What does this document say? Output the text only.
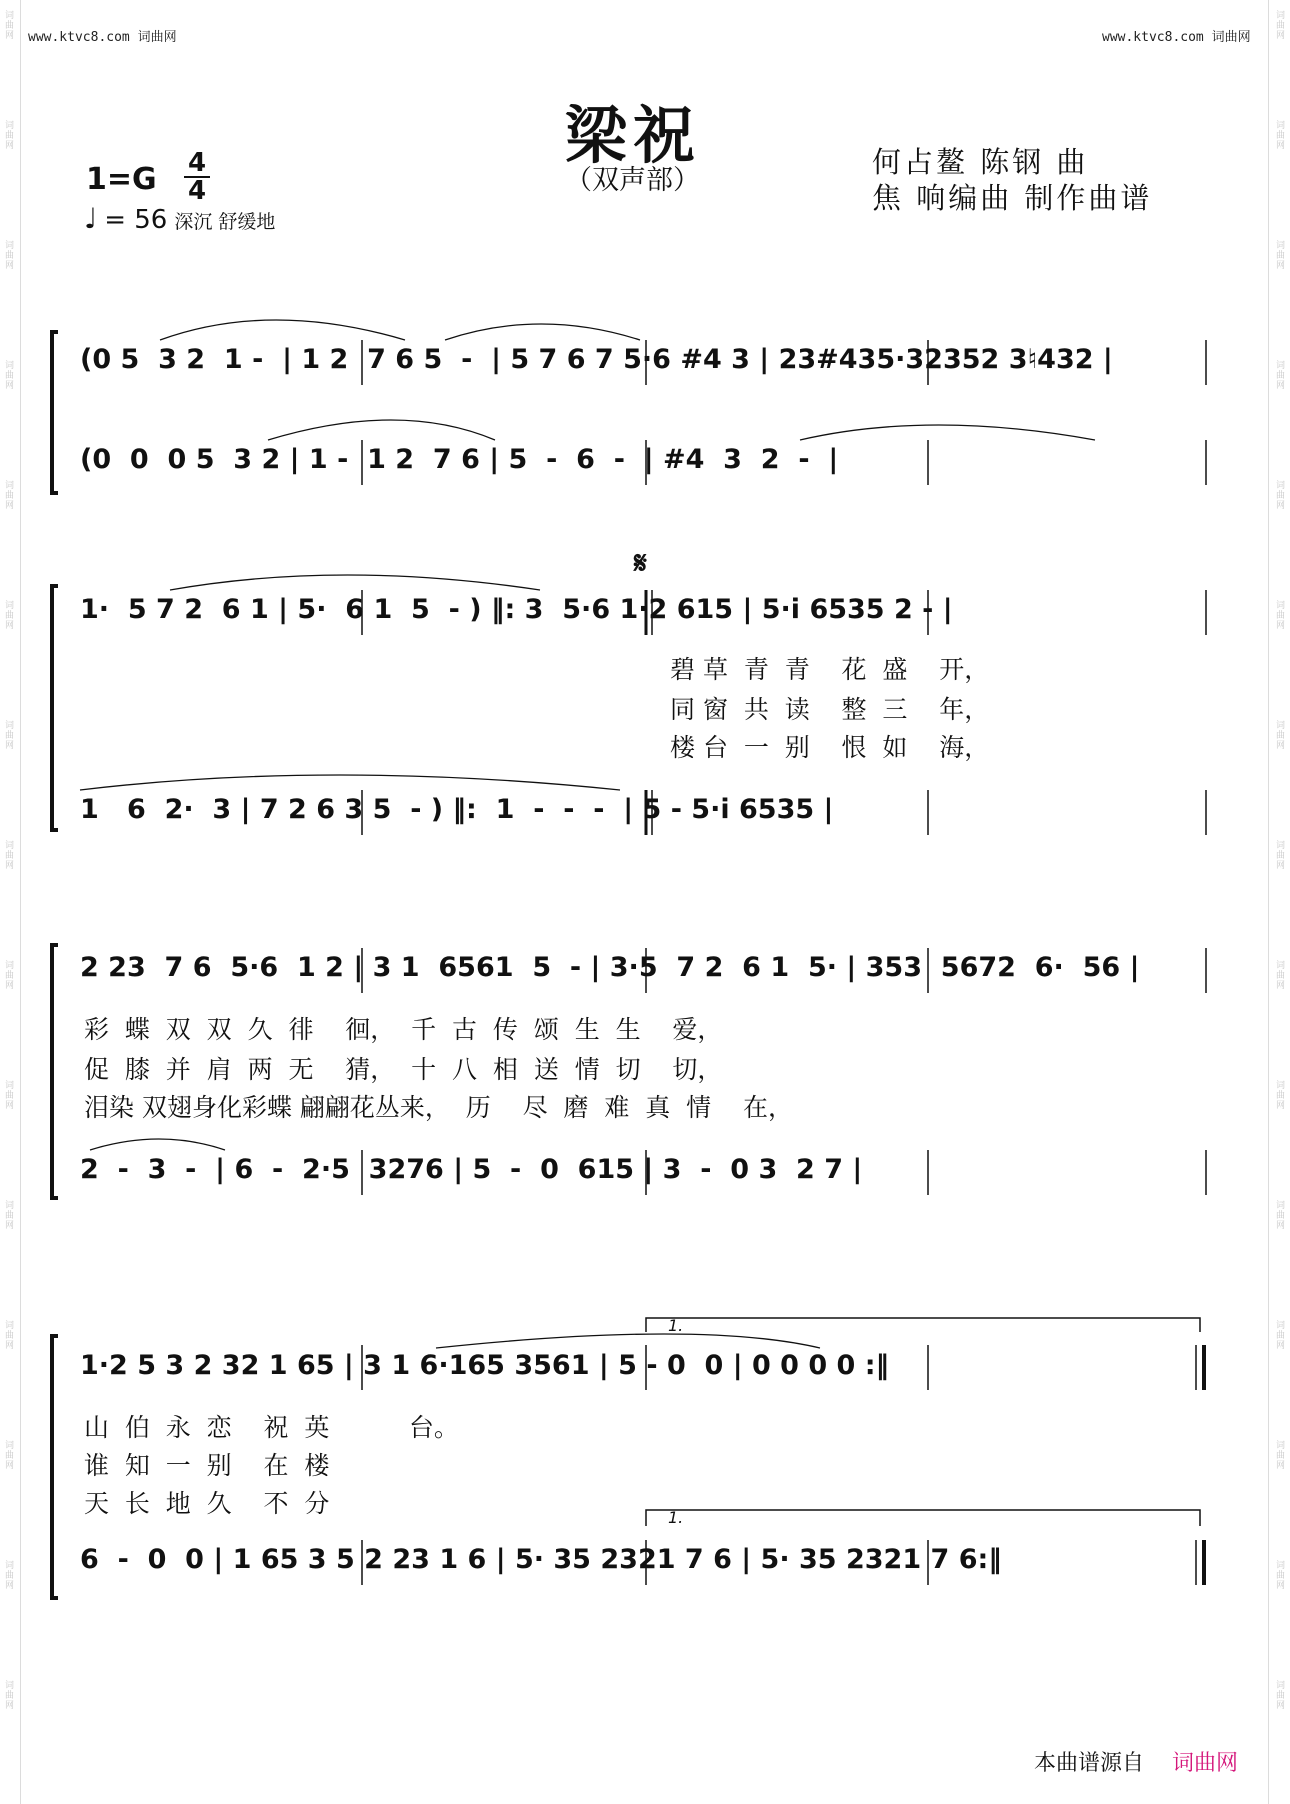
词曲网
词曲网
词曲网
词曲网
词曲网
词曲网
词曲网
词曲网
词曲网
词曲网
词曲网
词曲网
词曲网
词曲网
词曲网
词曲网
词曲网
词曲网
词曲网
词曲网
词曲网
词曲网
词曲网
词曲网
词曲网
词曲网
词曲网
词曲网
词曲网
词曲网
www.ktvc8.com 词曲网	www.ktvc8.com 词曲网
梁祝
（双声部）
何占鳌 陈钢 曲
焦 响编曲 制作曲谱
1=G 4
4
♩ = 56 深沉 舒缓地
𝄋
(0 5  3 2  1 -  | 1 2  7 6 5  -  | 5 7 6 7 5·6 #4 3 | 23#435·32352 3♮432 |
(0  0  0 5  3 2 | 1 -  1 2  7 6 | 5  -  6  -  | #4  3  2  -  |
1·  5 7 2  6 1 | 5·  6 1  5  - ) ‖: 3  5·6 1·2 615 | 5·i 6535 2 - |
碧 草  青  青    花  盛    开，
同 窗  共  读    整  三    年，
楼 台  一  别    恨  如    海，
1   6  2·  3 | 7 2 6 3 5  - ) ‖:  1  -  -  -  | 5 - 5·i 6535 |
2 23  7 6  5·6  1 2 | 3 1  6561  5  - | 3·5  7 2  6 1  5· | 353  5672  6·  56 |
彩  蝶  双  双  久  徘    徊，  千  古  传  颂  生  生    爱，
促  膝  并  肩  两  无    猜，  十  八  相  送  情  切    切，
泪染 双翅身化彩蝶 翩翩花丛来，  历    尽  磨  难  真  情    在，
2  -  3  -  | 6  -  2·5  3276 | 5  -  0  615 | 3  -  0 3  2 7 |
1.
1·2 5 3 2 32 1 65 | 3 1 6·165 3561 | 5 - 0  0 | 0 0 0 0 :‖
山  伯  永  恋    祝  英          台。
谁  知  一  别    在  楼
天  长  地  久    不  分	1.
6  -  0  0 | 1 65 3 5 2 23 1 6 | 5· 35 2321 7 6 | 5· 35 2321 7 6:‖
本曲谱源自 词曲网
